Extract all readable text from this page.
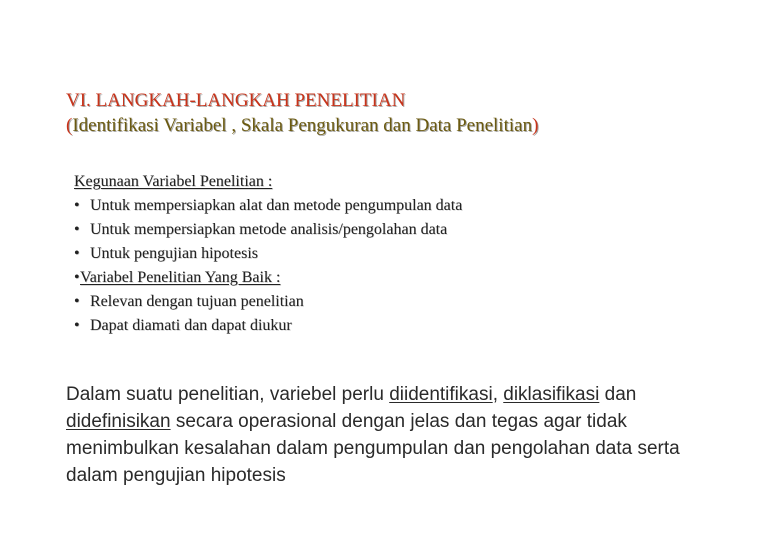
VI. LANGKAH-LANGKAH PENELITIAN
(Identifikasi Variabel , Skala Pengukuran dan Data Penelitian)
Kegunaan Variabel Penelitian :
• Untuk mempersiapkan alat dan metode pengumpulan data
• Untuk mempersiapkan metode analisis/pengolahan data
• Untuk pengujian hipotesis
•Variabel Penelitian Yang Baik :
• Relevan dengan tujuan penelitian
• Dapat diamati dan dapat diukur
Dalam suatu penelitian, variebel perlu diidentifikasi, diklasifikasi dan didefinisikan secara operasional dengan jelas dan tegas agar tidak menimbulkan kesalahan dalam pengumpulan dan pengolahan data serta dalam pengujian hipotesis
